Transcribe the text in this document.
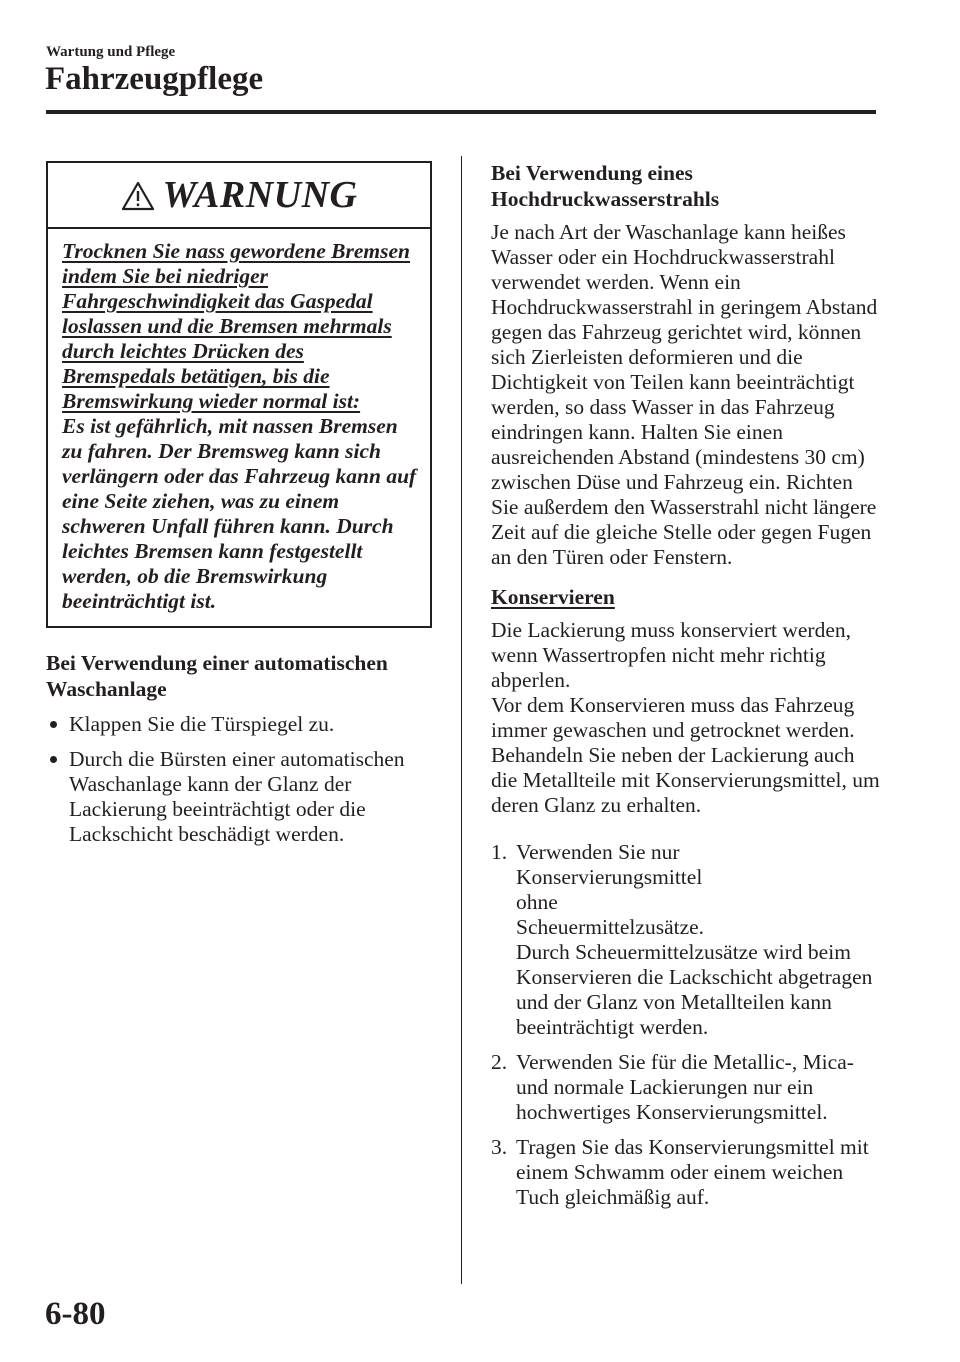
Wartung und Pflege

Fahrzeugpflege
WARNUNG

Trocknen Sie nass gewordene Bremsen indem Sie bei niedriger Fahrgeschwindigkeit das Gaspedal loslassen und die Bremsen mehrmals durch leichtes Drücken des Bremspedals betätigen, bis die Bremswirkung wieder normal ist:

Es ist gefährlich, mit nassen Bremsen zu fahren. Der Bremsweg kann sich verlängern oder das Fahrzeug kann auf eine Seite ziehen, was zu einem schweren Unfall führen kann. Durch leichtes Bremsen kann festgestellt werden, ob die Bremswirkung beeinträchtigt ist.

Bei Verwendung einer automatischen Waschanlage

Klappen Sie die Türspiegel zu.
Durch die Bürsten einer automatischen Waschanlage kann der Glanz der Lackierung beeinträchtigt oder die Lackschicht beschädigt werden.

Bei Verwendung eines Hochdruckwasserstrahls

Je nach Art der Waschanlage kann heißes Wasser oder ein Hochdruckwasserstrahl verwendet werden. Wenn ein Hochdruckwasserstrahl in geringem Abstand gegen das Fahrzeug gerichtet wird, können sich Zierleisten deformieren und die Dichtigkeit von Teilen kann beeinträchtigt werden, so dass Wasser in das Fahrzeug eindringen kann. Halten Sie einen ausreichenden Abstand (mindestens 30 cm) zwischen Düse und Fahrzeug ein. Richten Sie außerdem den Wasserstrahl nicht längere Zeit auf die gleiche Stelle oder gegen Fugen an den Türen oder Fenstern.

Konservieren

Die Lackierung muss konserviert werden, wenn Wassertropfen nicht mehr richtig abperlen.

Vor dem Konservieren muss das Fahrzeug immer gewaschen und getrocknet werden. Behandeln Sie neben der Lackierung auch die Metallteile mit Konservierungsmittel, um deren Glanz zu erhalten.

1. Verwenden Sie nur Konservierungsmittel ohne Scheuermittelzusätze.
Durch Scheuermittelzusätze wird beim Konservieren die Lackschicht abgetragen und der Glanz von Metallteilen kann beeinträchtigt werden.
2. Verwenden Sie für die Metallic-, Mica- und normale Lackierungen nur ein hochwertiges Konservierungsmittel.
3. Tragen Sie das Konservierungsmittel mit einem Schwamm oder einem weichen Tuch gleichmäßig auf.

6-80
